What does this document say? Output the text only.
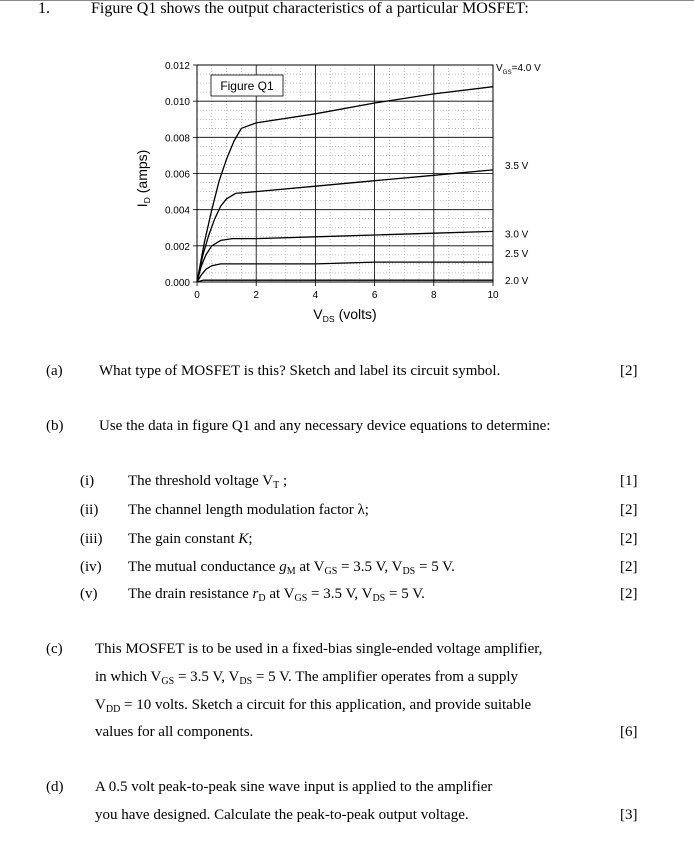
1.	Figure Q1 shows the output characteristics of a particular MOSFET:
0	2	4	6	8	10
0.000
0.002
0.004
0.006
0.008
0.010
0.012
Figure Q1
$V_{GS}=4.0$ V
3.5 V
3.0 V
2.5 V
2.0 V
$V_{DS}$ (volts)
$I_D$ (amps)
(a) What type of MOSFET is this? Sketch and label its circuit symbol.	[2]
(b) Use the data in figure Q1 and any necessary device equations to determine:
(i) The threshold voltage $V_T$ ;	[1]
(ii) The channel length modulation factor λ;	[2]
(iii) The gain constant K;	[2]
(iv) The mutual conductance $g_M$ at $V_{GS} = 3.5$ V, $V_{DS} = 5$ V.	[2]
(v) The drain resistance $r_D$ at $V_{GS} = 3.5$ V, $V_{DS} = 5$ V.	[2]
(c) This MOSFET is to be used in a fixed-bias single-ended voltage amplifier,
in which $V_{GS} = 3.5$ V, $V_{DS} = 5$ V. The amplifier operates from a supply
$V_{DD} = 10$ volts. Sketch a circuit for this application, and provide suitable
values for all components.	[6]
(d) A 0.5 volt peak-to-peak sine wave input is applied to the amplifier
you have designed. Calculate the peak-to-peak output voltage.	[3]
